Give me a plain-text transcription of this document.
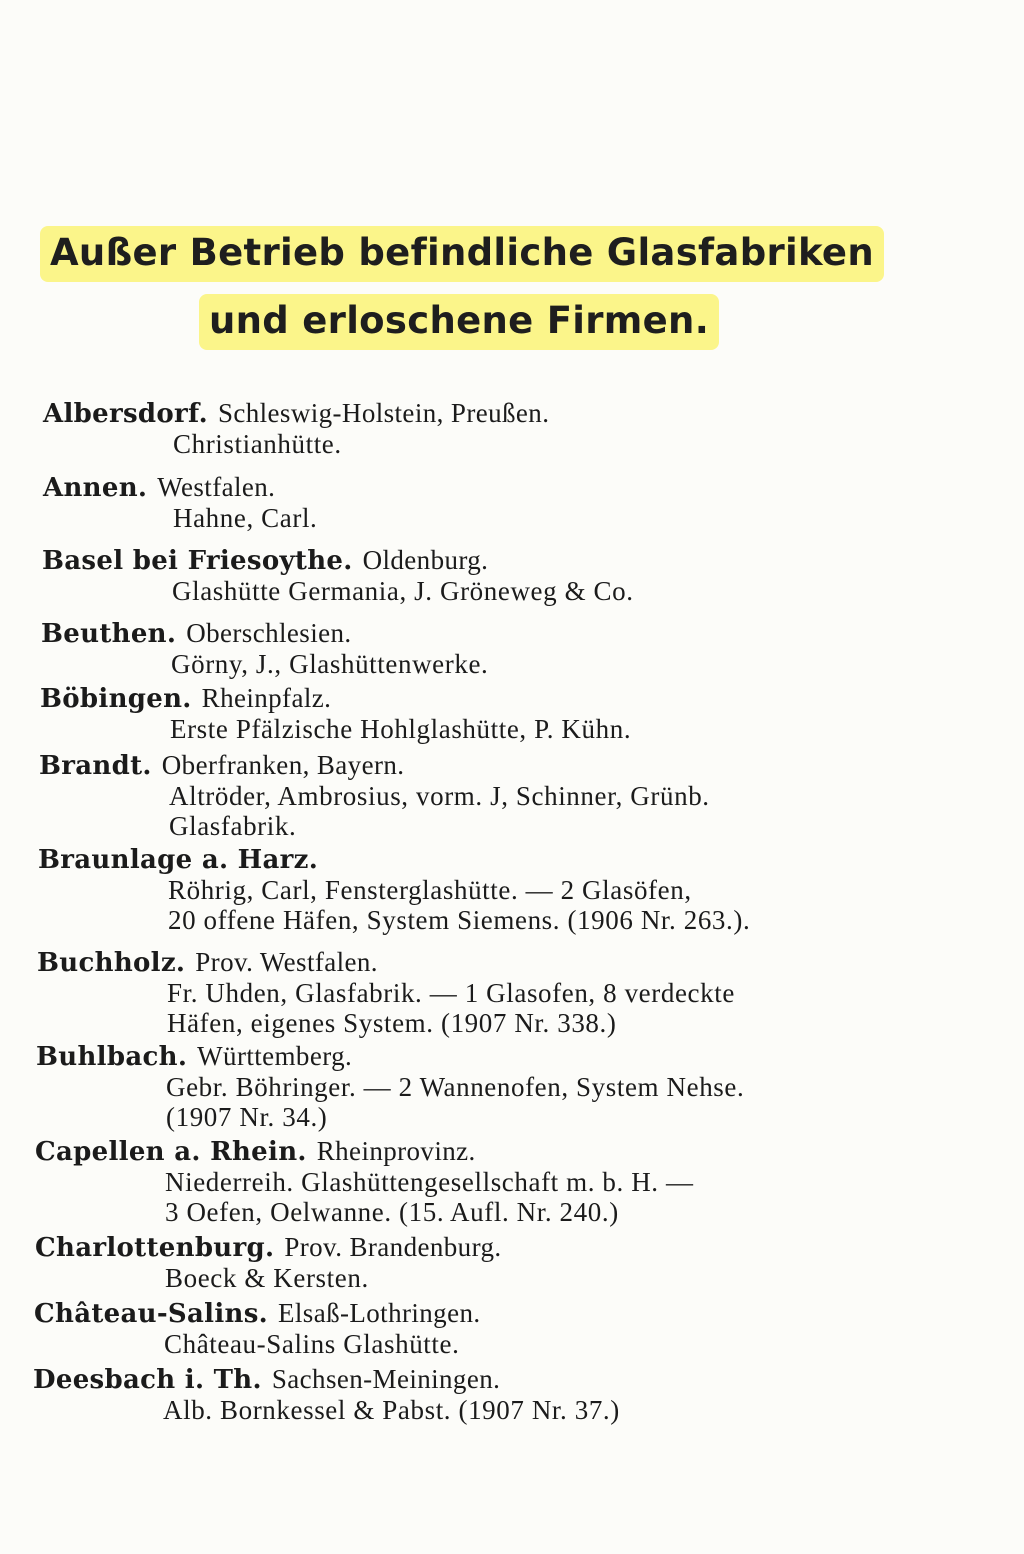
Außer Betrieb befindliche Glasfabriken
und erloschene Firmen.
Albersdorf. Schleswig-Holstein, Preußen.
Christianhütte.
Annen. Westfalen.
Hahne, Carl.
Basel bei Friesoythe. Oldenburg.
Glashütte Germania, J. Gröneweg & Co.
Beuthen. Oberschlesien.
Görny, J., Glashüttenwerke.
Böbingen. Rheinpfalz.
Erste Pfälzische Hohlglashütte, P. Kühn.
Brandt. Oberfranken, Bayern.
Altröder, Ambrosius, vorm. J, Schinner, Grünb.
Glasfabrik.
Braunlage a. Harz.
Röhrig, Carl, Fensterglashütte. — 2 Glasöfen,
20 offene Häfen, System Siemens. (1906 Nr. 263.).
Buchholz. Prov. Westfalen.
Fr. Uhden, Glasfabrik. — 1 Glasofen, 8 verdeckte
Häfen, eigenes System. (1907 Nr. 338.)
Buhlbach. Württemberg.
Gebr. Böhringer. — 2 Wannenofen, System Nehse.
(1907 Nr. 34.)
Capellen a. Rhein. Rheinprovinz.
Niederreih. Glashüttengesellschaft m. b. H. —
3 Oefen, Oelwanne. (15. Aufl. Nr. 240.)
Charlottenburg. Prov. Brandenburg.
Boeck & Kersten.
Château-Salins. Elsaß-Lothringen.
Château-Salins Glashütte.
Deesbach i. Th. Sachsen-Meiningen.
Alb. Bornkessel & Pabst. (1907 Nr. 37.)
